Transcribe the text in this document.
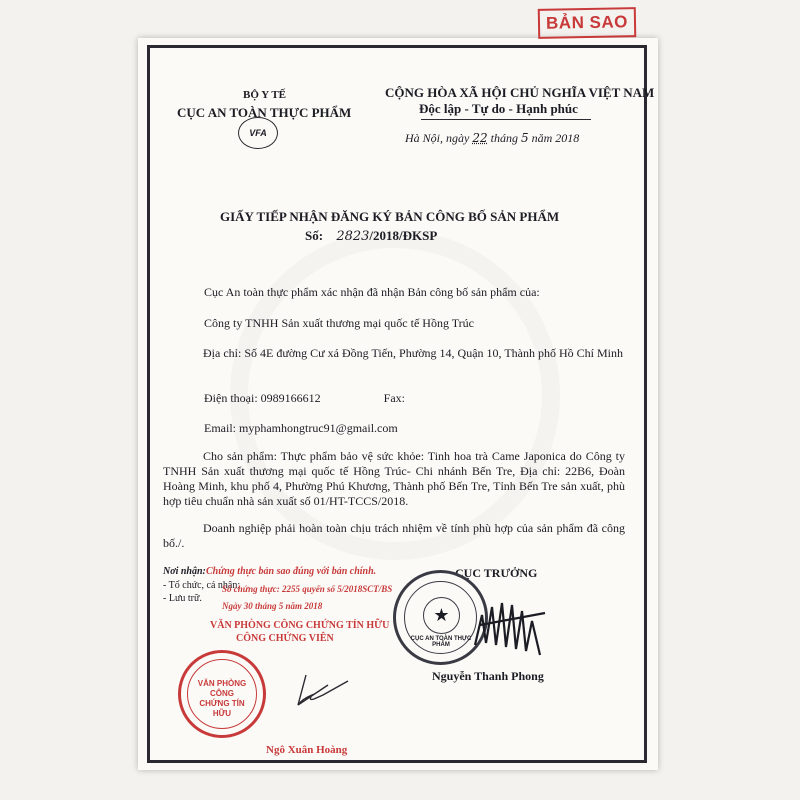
BẢN SAO
BỘ Y TẾ
CỤC AN TOÀN THỰC PHẨM
VFA
CỘNG HÒA XÃ HỘI CHỦ NGHĨA VIỆT NAM
Độc lập - Tự do - Hạnh phúc
Hà Nội, ngày 22 tháng 5 năm 2018
GIẤY TIẾP NHẬN ĐĂNG KÝ BẢN CÔNG BỐ SẢN PHẨM
Số: 2823/2018/ĐKSP
Cục An toàn thực phẩm xác nhận đã nhận Bản công bố sản phẩm của:
Công ty TNHH Sản xuất thương mại quốc tế Hồng Trúc
Địa chỉ: Số 4E đường Cư xá Đồng Tiến, Phường 14, Quận 10, Thành phố Hồ Chí Minh
Điện thoại: 0989166612	Fax:
Email: myphamhongtruc91@gmail.com
Cho sản phẩm: Thực phẩm bảo vệ sức khỏe: Tinh hoa trà Came Japonica do Công ty TNHH Sản xuất thương mại quốc tế Hồng Trúc- Chi nhánh Bến Tre, Địa chỉ: 22B6, Đoàn Hoàng Minh, khu phố 4, Phường Phú Khương, Thành phố Bến Tre, Tỉnh Bến Tre sản xuất, phù hợp tiêu chuẩn nhà sản xuất số 01/HT-TCCS/2018.
Doanh nghiệp phải hoàn toàn chịu trách nhiệm về tính phù hợp của sản phẩm đã công bố./.
Nơi nhận:
- Tổ chức, cá nhân;
- Lưu trữ.
Chứng thực bản sao đúng với bản chính.
Số chứng thực: 2255 quyển số 5/2018SCT/BS
Ngày 30 tháng 5 năm 2018
VĂN PHÒNG CÔNG CHỨNG TÍN HỮU
CÔNG CHỨNG VIÊN
VĂN PHÒNG CÔNG CHỨNG TÍN HỮU
Ngô Xuân Hoàng
CỤC TRƯỞNG
★
CỤC AN TOÀN THỰC PHẨM
Nguyễn Thanh Phong
